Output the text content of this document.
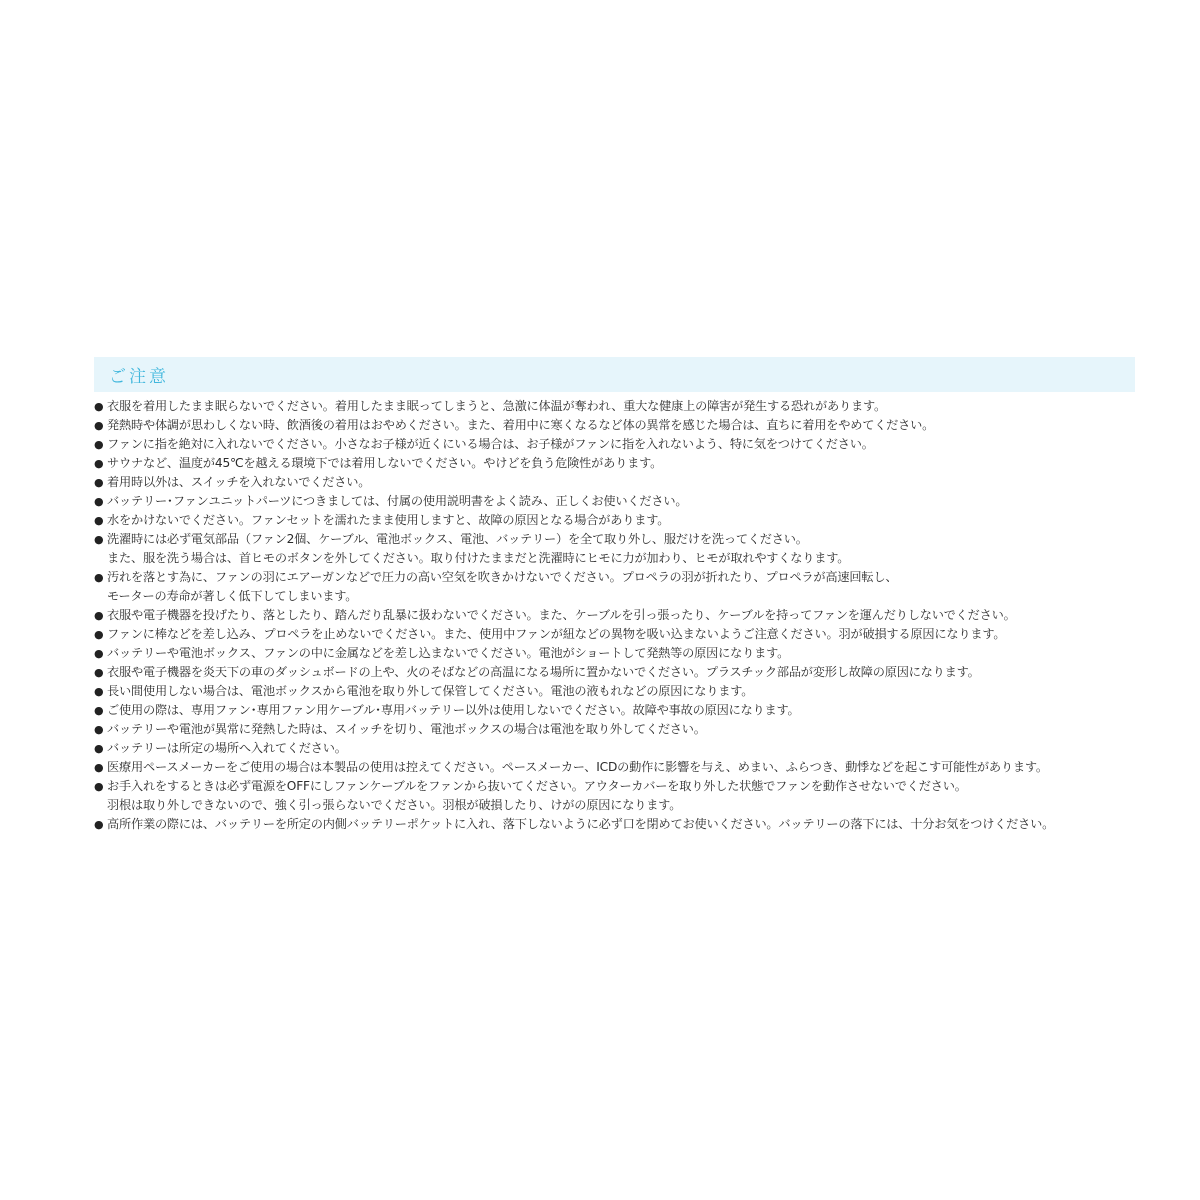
ご注意
● 衣服を着用したまま眠らないでください。着用したまま眠ってしまうと、急激に体温が奪われ、重大な健康上の障害が発生する恐れがあります。
● 発熱時や体調が思わしくない時、飲酒後の着用はおやめください。また、着用中に寒くなるなど体の異常を感じた場合は、直ちに着用をやめてください。
● ファンに指を絶対に入れないでください。小さなお子様が近くにいる場合は、お子様がファンに指を入れないよう、特に気をつけてください。
● サウナなど、温度が45℃を越える環境下では着用しないでください。やけどを負う危険性があります。
● 着用時以外は、スイッチを入れないでください。
● バッテリー･ファンユニットパーツにつきましては、付属の使用説明書をよく読み、正しくお使いください。
● 水をかけないでください。ファンセットを濡れたまま使用しますと、故障の原因となる場合があります。
● 洗濯時には必ず電気部品（ファン2個、ケーブル、電池ボックス、電池、バッテリー）を全て取り外し、服だけを洗ってください。
また、服を洗う場合は、首ヒモのボタンを外してください。取り付けたままだと洗濯時にヒモに力が加わり、ヒモが取れやすくなります。
● 汚れを落とす為に、ファンの羽にエアーガンなどで圧力の高い空気を吹きかけないでください。プロペラの羽が折れたり、プロペラが高速回転し、
モーターの寿命が著しく低下してしまいます。
● 衣服や電子機器を投げたり、落としたり、踏んだり乱暴に扱わないでください。また、ケーブルを引っ張ったり、ケーブルを持ってファンを運んだりしないでください。
● ファンに棒などを差し込み、プロペラを止めないでください。また、使用中ファンが紐などの異物を吸い込まないようご注意ください。羽が破損する原因になります。
● バッテリーや電池ボックス、ファンの中に金属などを差し込まないでください。電池がショートして発熱等の原因になります。
● 衣服や電子機器を炎天下の車のダッシュボードの上や、火のそばなどの高温になる場所に置かないでください。プラスチック部品が変形し故障の原因になります。
● 長い間使用しない場合は、電池ボックスから電池を取り外して保管してください。電池の液もれなどの原因になります。
● ご使用の際は、専用ファン･専用ファン用ケーブル･専用バッテリー以外は使用しないでください。故障や事故の原因になります。
● バッテリーや電池が異常に発熱した時は、スイッチを切り、電池ボックスの場合は電池を取り外してください。
● バッテリーは所定の場所へ入れてください。
● 医療用ペースメーカーをご使用の場合は本製品の使用は控えてください。ペースメーカー、ICDの動作に影響を与え、めまい、ふらつき、動悸などを起こす可能性があります。
● お手入れをするときは必ず電源をOFFにしファンケーブルをファンから抜いてください。アウターカバーを取り外した状態でファンを動作させないでください。
羽根は取り外しできないので、強く引っ張らないでください。羽根が破損したり、けがの原因になります。
● 高所作業の際には、バッテリーを所定の内側バッテリーポケットに入れ、落下しないように必ず口を閉めてお使いください。バッテリーの落下には、十分お気をつけください。
